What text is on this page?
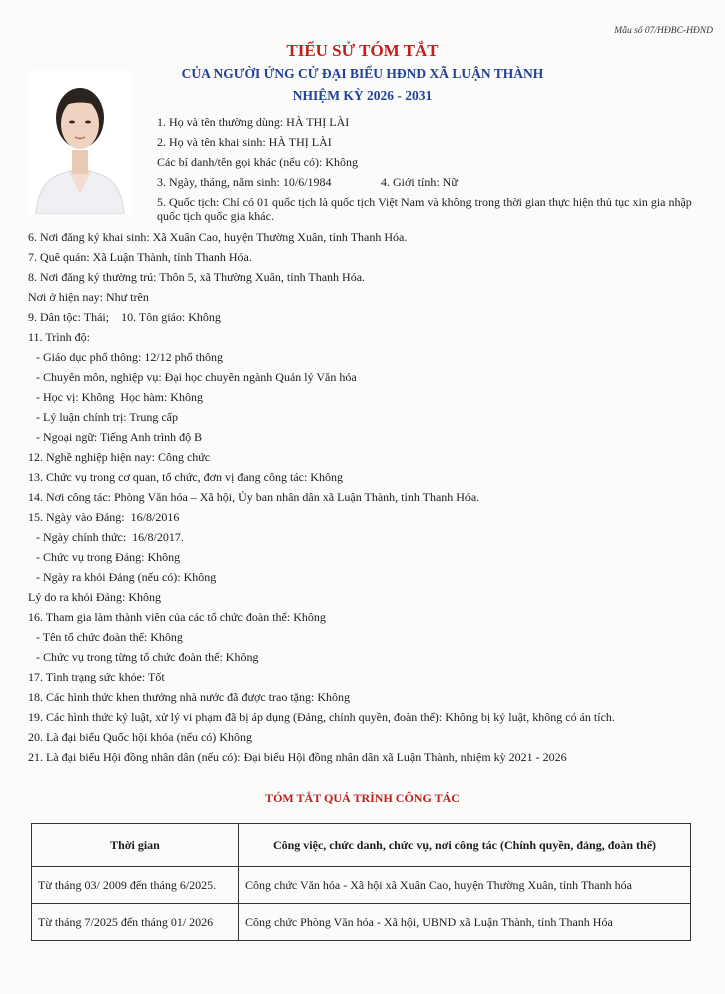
Mẫu số 07/HĐBC-HĐND
TIỂU SỬ TÓM TẮT
CỦA NGƯỜI ỨNG CỬ ĐẠI BIỂU HĐND XÃ LUẬN THÀNH
NHIỆM KỲ 2026 - 2031
1. Họ và tên thường dùng: HÀ THỊ LÀI
2. Họ và tên khai sinh: HÀ THỊ LÀI
Các bí danh/tên gọi khác (nếu có): Không
3. Ngày, tháng, năm sinh: 10/6/1984	4. Giới tính: Nữ
5. Quốc tịch: Chỉ có 01 quốc tịch là quốc tịch Việt Nam và không trong thời gian thực hiện thủ tục xin gia nhập quốc tịch quốc gia khác.
6. Nơi đăng ký khai sinh: Xã Xuân Cao, huyện Thường Xuân, tỉnh Thanh Hóa.
7. Quê quán: Xã Luận Thành, tỉnh Thanh Hóa.
8. Nơi đăng ký thường trú: Thôn 5, xã Thường Xuân, tỉnh Thanh Hóa.
Nơi ở hiện nay: Như trên
9. Dân tộc: Thái;    10. Tôn giáo: Không
11. Trình độ:
- Giáo dục phổ thông: 12/12 phổ thông
- Chuyên môn, nghiệp vụ: Đại học chuyên ngành Quản lý Văn hóa
- Học vị: Không  Học hàm: Không
- Lý luận chính trị: Trung cấp
- Ngoại ngữ: Tiếng Anh trình độ B
12. Nghề nghiệp hiện nay: Công chức
13. Chức vụ trong cơ quan, tổ chức, đơn vị đang công tác: Không
14. Nơi công tác: Phòng Văn hóa – Xã hội, Ủy ban nhân dân xã Luận Thành, tỉnh Thanh Hóa.
15. Ngày vào Đảng:  16/8/2016
- Ngày chính thức:  16/8/2017.
- Chức vụ trong Đảng: Không
- Ngày ra khỏi Đảng (nếu có): Không
Lý do ra khỏi Đảng: Không
16. Tham gia làm thành viên của các tổ chức đoàn thể: Không
- Tên tổ chức đoàn thể: Không
- Chức vụ trong từng tổ chức đoàn thể: Không
17. Tình trạng sức khỏe: Tốt
18. Các hình thức khen thưởng nhà nước đã được trao tặng: Không
19. Các hình thức kỷ luật, xử lý vi phạm đã bị áp dụng (Đảng, chính quyền, đoàn thể): Không bị kỷ luật, không có án tích.
20. Là đại biểu Quốc hội khóa (nếu có) Không
21. Là đại biểu Hội đồng nhân dân (nếu có): Đại biểu Hội đồng nhân dân xã Luận Thành, nhiệm kỳ 2021 - 2026
TÓM TẮT QUÁ TRÌNH CÔNG TÁC
Thời gian	Công việc, chức danh, chức vụ, nơi công tác (Chính quyền, đảng, đoàn thể)
Từ tháng 03/ 2009 đến tháng 6/2025.	Công chức Văn hóa - Xã hội xã Xuân Cao, huyện Thường Xuân, tỉnh Thanh hóa
Từ tháng 7/2025 đến tháng 01/ 2026	Công chức Phòng Văn hóa - Xã hội, UBND xã Luận Thành, tỉnh Thanh Hóa
